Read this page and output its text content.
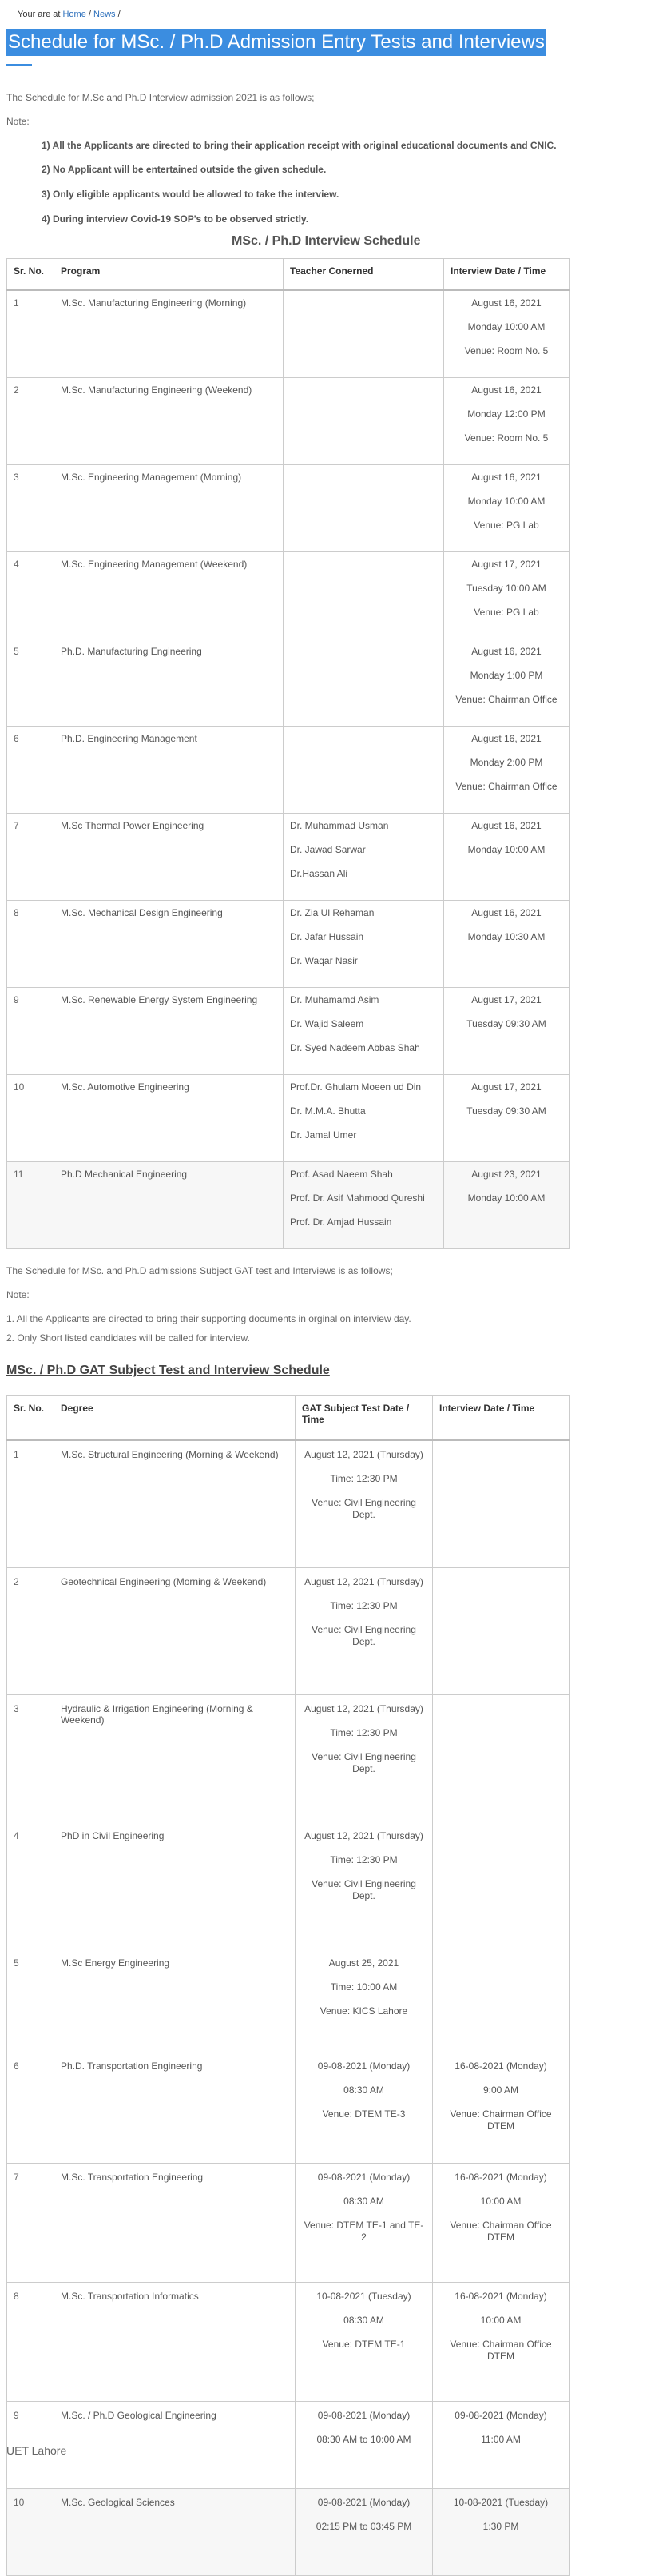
Your are at Home / News /
Schedule for MSc. / Ph.D Admission Entry Tests and Interviews
The Schedule for M.Sc and Ph.D Interview admission 2021 is as follows;
Note:
1) All the Applicants are directed to bring their application receipt with original educational documents and CNIC.
2) No Applicant will be entertained outside the given schedule.
3) Only eligible applicants would be allowed to take the interview.
4) During interview Covid-19 SOP's to be observed strictly.
MSc. / Ph.D Interview Schedule
Sr. No.	Program	Teacher Conerned	Interview Date / Time
1	M.Sc. Manufacturing Engineering (Morning)		August 16, 2021
Monday 10:00 AM
Venue: Room No. 5

2	M.Sc. Manufacturing Engineering (Weekend)		August 16, 2021
Monday 12:00 PM
Venue: Room No. 5

3	M.Sc. Engineering Management (Morning)		August 16, 2021
Monday 10:00 AM
Venue: PG Lab

4	M.Sc. Engineering Management (Weekend)		August 17, 2021
Tuesday 10:00 AM
Venue: PG Lab

5	Ph.D. Manufacturing Engineering		August 16, 2021
Monday 1:00 PM
Venue: Chairman Office

6	Ph.D. Engineering Management		August 16, 2021
Monday 2:00 PM
Venue: Chairman Office

7	M.Sc Thermal Power Engineering	Dr. Muhammad Usman
Dr. Jawad Sarwar
Dr.Hassan Ali	August 16, 2021
Monday 10:00 AM

8	M.Sc. Mechanical Design Engineering	Dr. Zia Ul Rehaman
Dr. Jafar Hussain
Dr. Waqar Nasir	August 16, 2021
Monday 10:30 AM

9	M.Sc. Renewable Energy System Engineering	Dr. Muhamamd Asim
Dr. Wajid Saleem
Dr. Syed Nadeem Abbas Shah	August 17, 2021
Tuesday 09:30 AM

10	M.Sc. Automotive Engineering	Prof.Dr. Ghulam Moeen ud Din
Dr. M.M.A. Bhutta
Dr. Jamal Umer	August 17, 2021
Tuesday 09:30 AM

11	Ph.D Mechanical Engineering	Prof. Asad Naeem Shah
Prof. Dr. Asif Mahmood Qureshi
Prof. Dr. Amjad Hussain	August 23, 2021
Monday 10:00 AM
The Schedule for MSc. and Ph.D admissions Subject GAT test and Interviews is as follows;
Note:
1. All the Applicants are directed to bring their supporting documents in orginal on interview day.
2. Only Short listed candidates will be called for interview.
MSc. / Ph.D GAT Subject Test and Interview Schedule
Sr. No.	Degree	GAT Subject Test Date / Time	Interview Date / Time
1	M.Sc. Structural Engineering (Morning & Weekend)	August 12, 2021 (Thursday)
Time: 12:30 PM
Venue: Civil Engineering Dept.	

2	Geotechnical Engineering (Morning & Weekend)	August 12, 2021 (Thursday)
Time: 12:30 PM
Venue: Civil Engineering Dept.	

3	Hydraulic & Irrigation Engineering (Morning & Weekend)	August 12, 2021 (Thursday)
Time: 12:30 PM
Venue: Civil Engineering Dept.	

4	PhD in Civil Engineering	August 12, 2021 (Thursday)
Time: 12:30 PM
Venue: Civil Engineering Dept.	

5	M.Sc Energy Engineering	August 25, 2021
Time: 10:00 AM
Venue: KICS Lahore	

6	Ph.D. Transportation Engineering	09-08-2021 (Monday)
08:30 AM
Venue: DTEM TE-3	16-08-2021 (Monday)
9:00 AM
Venue: Chairman Office DTEM

7	M.Sc. Transportation Engineering	09-08-2021 (Monday)
08:30 AM
Venue: DTEM TE-1 and TE-2	16-08-2021 (Monday)
10:00 AM
Venue: Chairman Office DTEM

8	M.Sc. Transportation Informatics	10-08-2021 (Tuesday)
08:30 AM
Venue: DTEM TE-1	16-08-2021 (Monday)
10:00 AM
Venue: Chairman Office DTEM

9	M.Sc. / Ph.D Geological Engineering	09-08-2021 (Monday)
08:30 AM to 10:00 AM	09-08-2021 (Monday)
11:00 AM

10	M.Sc. Geological Sciences	09-08-2021 (Monday)
02:15 PM to 03:45 PM	10-08-2021 (Tuesday)
1:30 PM
UET Lahore
